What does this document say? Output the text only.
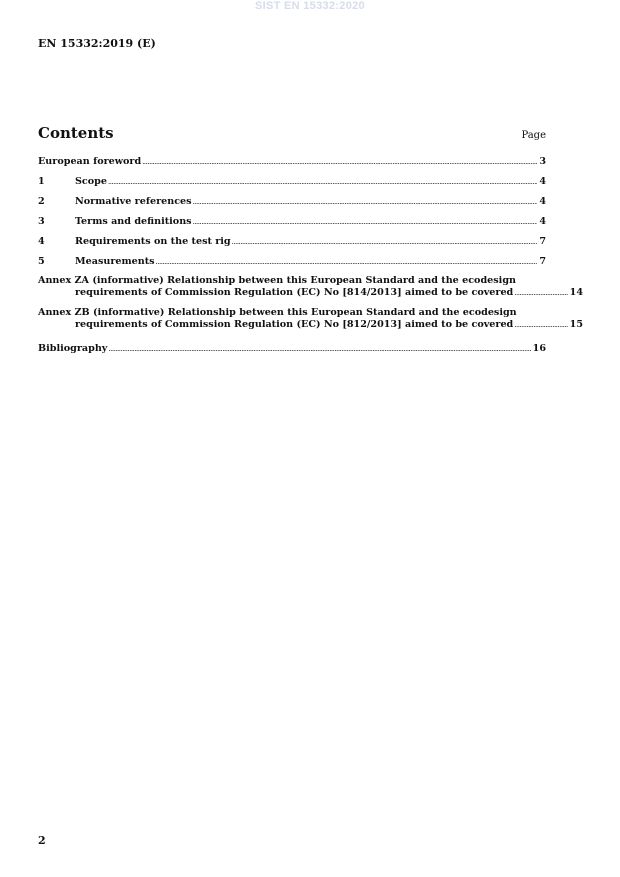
SIST EN 15332:2020
EN 15332:2019 (E)
Contents	Page
European foreword .....	3
1	Scope .....	4
2	Normative references .....	4
3	Terms and definitions .....	4
4	Requirements on the test rig .....	7
5	Measurements .....	7
Annex ZA (informative) Relationship between this European Standard and the ecodesign
requirements of Commission Regulation (EC) No [814/2013] aimed to be covered .....	14
Annex ZB (informative) Relationship between this European Standard and the ecodesign
requirements of Commission Regulation (EC) No [812/2013] aimed to be covered .....	15
Bibliography .....	16
2
